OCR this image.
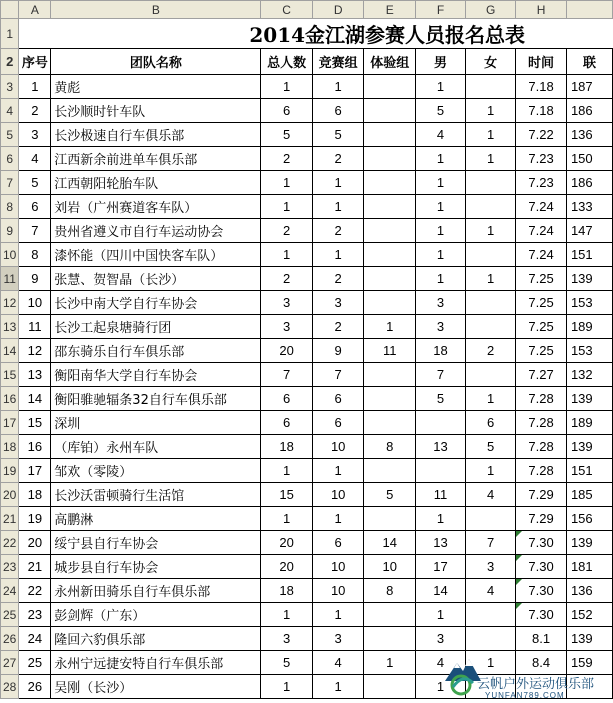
	A	B	C	D	E	F	G	H	
1	2014金江湖参赛人员报名总表								
2	序号	团队名称	总人数	竞赛组	体验组	男	女	时间	联
3	1	黄彪	1	1		1		7.18	187
4	2	长沙顺时针车队	6	6		5	1	7.18	186
5	3	长沙极速自行车俱乐部	5	5		4	1	7.22	136
6	4	江西新余前进单车俱乐部	2	2		1	1	7.23	150
7	5	江西朝阳轮胎车队	1	1		1		7.23	186
8	6	刘岩（广州赛道客车队）	1	1		1		7.24	133
9	7	贵州省遵义市自行车运动协会	2	2		1	1	7.24	147
10	8	漆怀能（四川中国快客车队）	1	1		1		7.24	151
11	9	张慧、贺智晶（长沙）	2	2		1	1	7.25	139
12	10	长沙中南大学自行车协会	3	3		3		7.25	153
13	11	长沙工起泉塘骑行团	3	2	1	3		7.25	189
14	12	邵东骑乐自行车俱乐部	20	9	11	18	2	7.25	153
15	13	衡阳南华大学自行车协会	7	7		7		7.27	132
16	14	衡阳骓驰辐条32自行车俱乐部	6	6		5	1	7.28	139
17	15	深圳	6	6			6	7.28	189
18	16	（库铂）永州车队	18	10	8	13	5	7.28	139
19	17	邹欢（零陵）	1	1			1	7.28	151
20	18	长沙沃雷顿骑行生活馆	15	10	5	11	4	7.29	185
21	19	高鹏淋	1	1		1		7.29	156
22	20	绥宁县自行车协会	20	6	14	13	7	7.30	139
23	21	城步县自行车协会	20	10	10	17	3	7.30	181
24	22	永州新田骑乐自行车俱乐部	18	10	8	14	4	7.30	136
25	23	彭剑辉（广东）	1	1		1		7.30	152
26	24	隆回六豹俱乐部	3	3		3		8.1	139
27	25	永州宁远捷安特自行车俱乐部	5	4	1	4	1	8.4	159
28	26	吴刚（长沙）	1	1		1				云帆户外运动俱乐部
YUNFAN789.COM
